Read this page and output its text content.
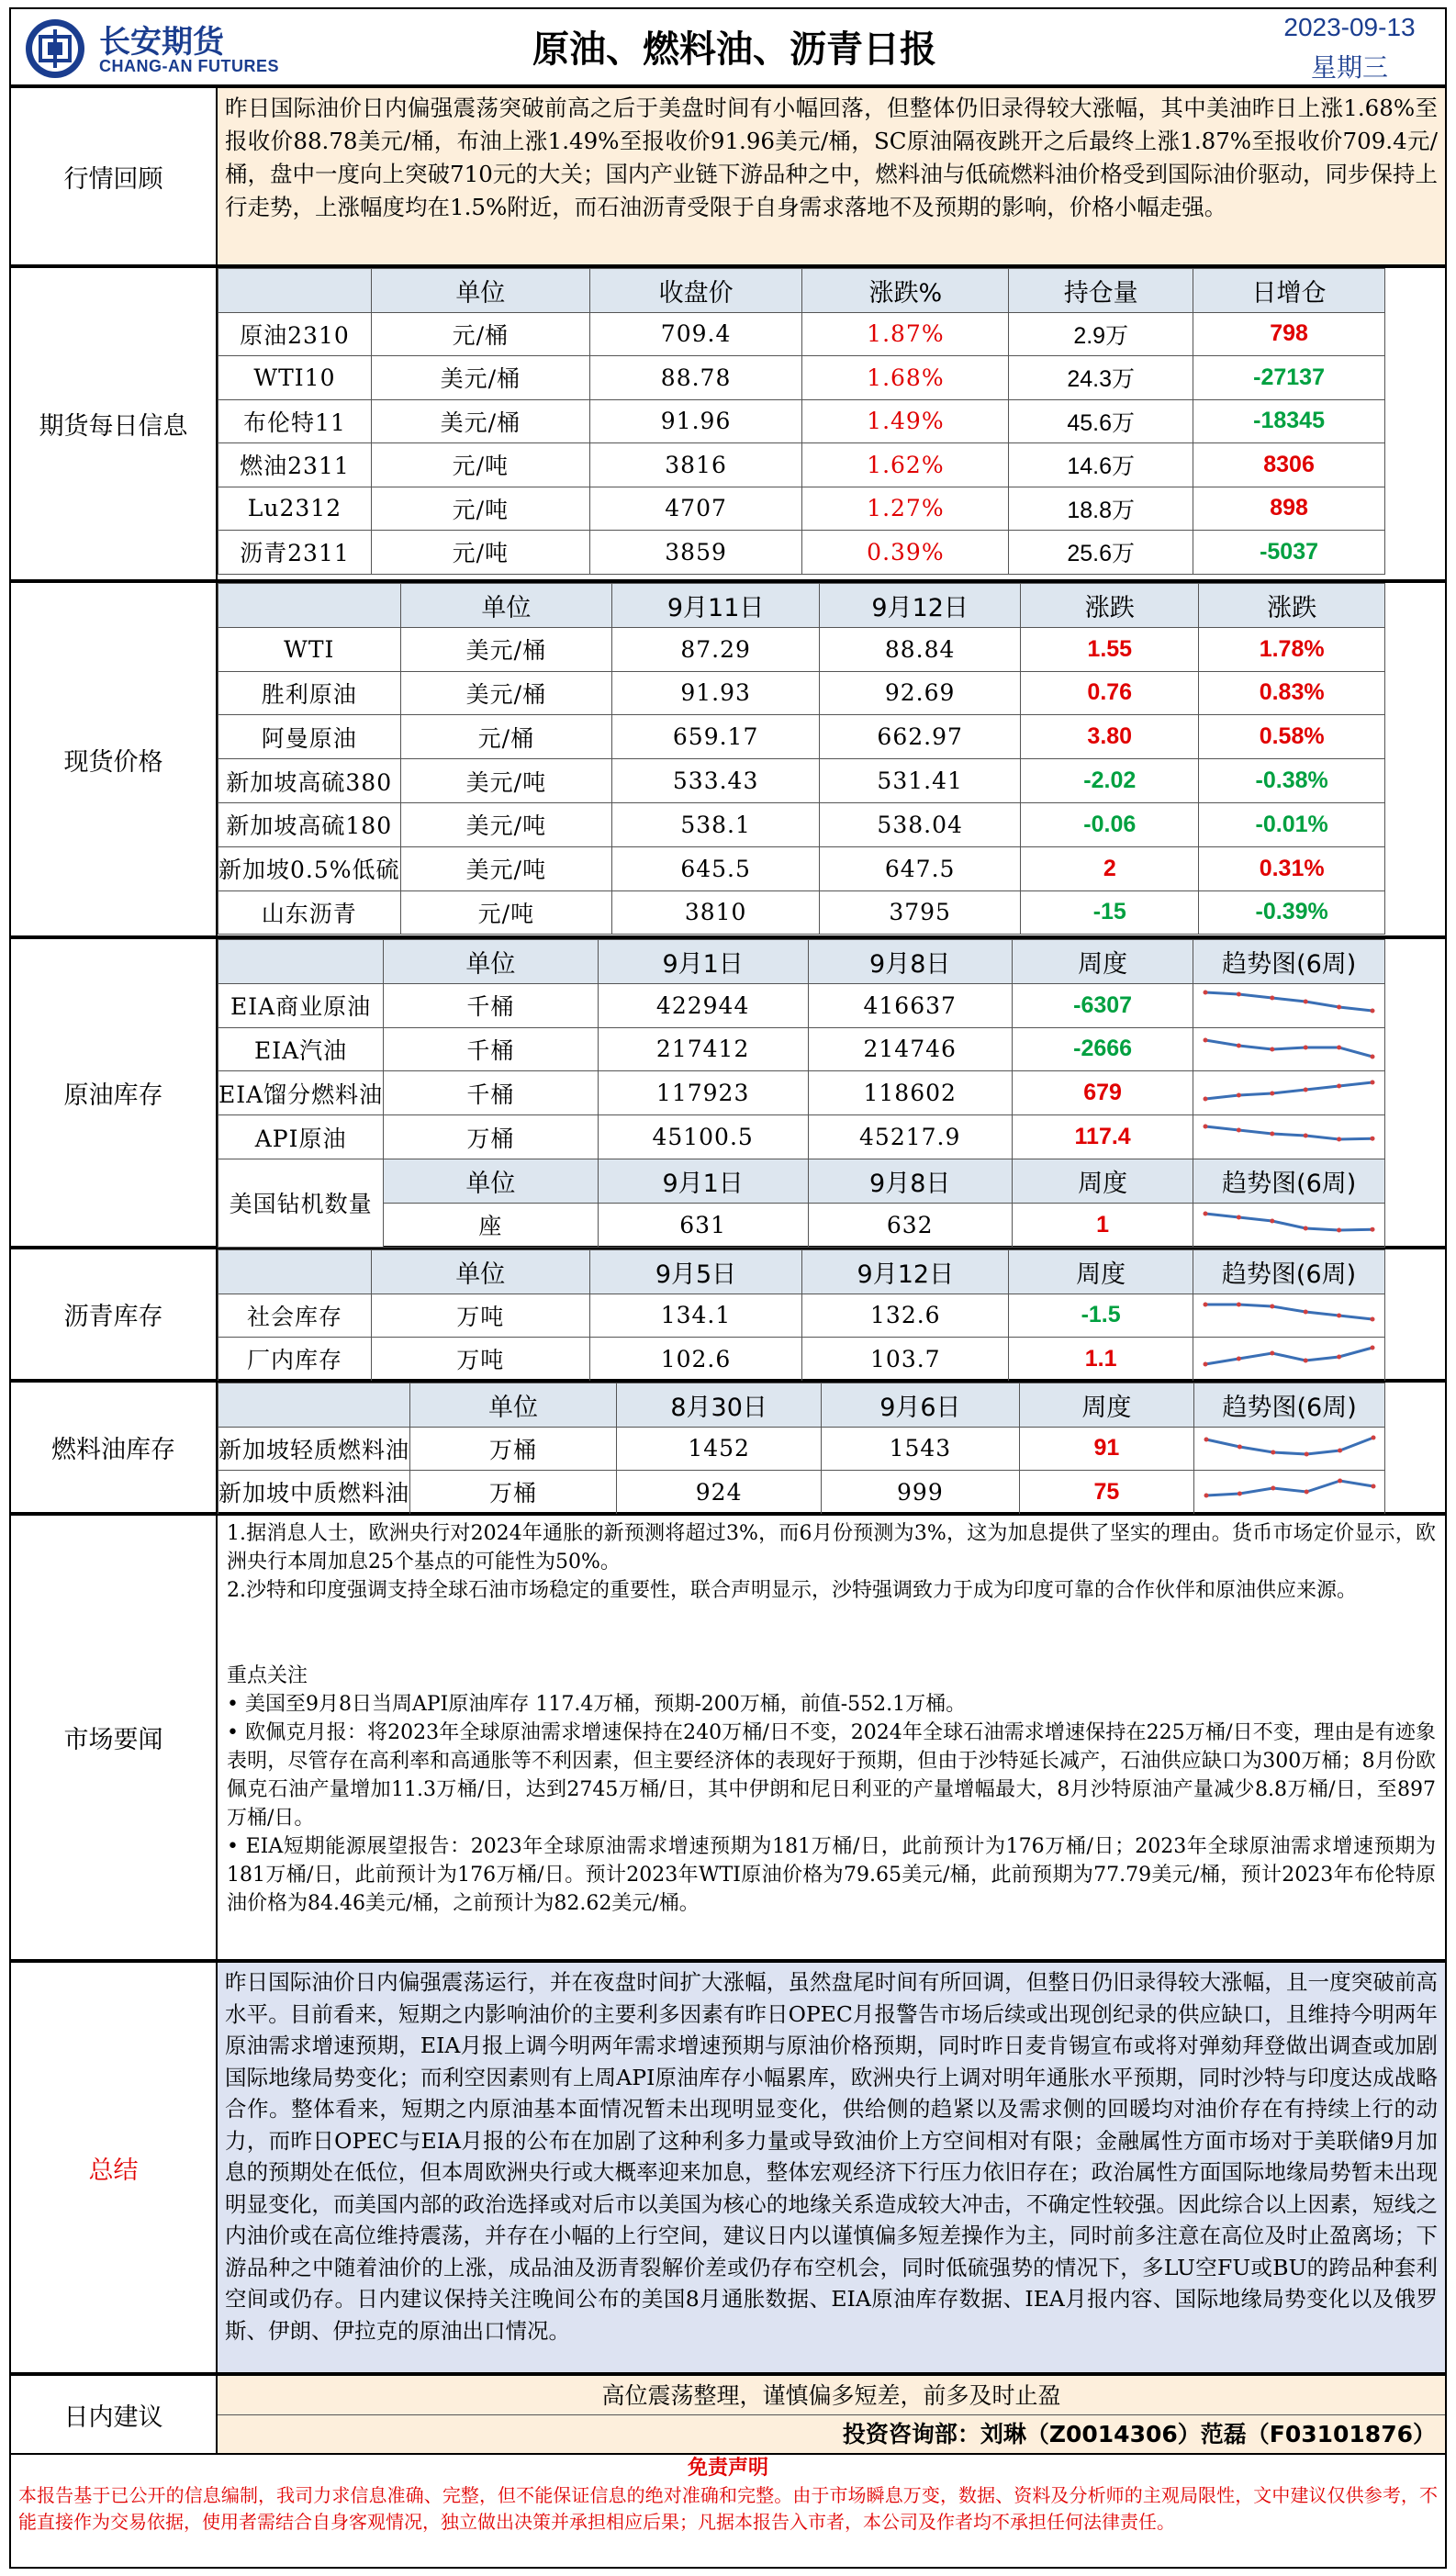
长安期货
CHANG-AN FUTURES	原油、燃料油、沥青日报
2023-09-13
星期三
行情回顾
昨日国际油价日内偏强震荡突破前高之后于美盘时间有小幅回落，但整体仍旧录得较大涨幅，其中美油昨日上涨1.68%至报收价88.78美元/桶，布油上涨1.49%至报收价91.96美元/桶，SC原油隔夜跳开之后最终上涨1.87%至报收价709.4元/桶，盘中一度向上突破710元的大关；国内产业链下游品种之中，燃料油与低硫燃料油价格受到国际油价驱动，同步保持上行走势，上涨幅度均在1.5%附近，而石油沥青受限于自身需求落地不及预期的影响，价格小幅走强。
期货每日信息
	单位	收盘价	涨跌%	持仓量	日增仓
原油2310	元/桶	709.4	1.87%	2.9万	798
WTI10	美元/桶	88.78	1.68%	24.3万	-27137
布伦特11	美元/桶	91.96	1.49%	45.6万	-18345
燃油2311	元/吨	3816	1.62%	14.6万	8306
Lu2312	元/吨	4707	1.27%	18.8万	898
沥青2311	元/吨	3859	0.39%	25.6万	-5037
现货价格
	单位	9月11日	9月12日	涨跌	涨跌
WTI	美元/桶	87.29	88.84	1.55	1.78%
胜利原油	美元/桶	91.93	92.69	0.76	0.83%
阿曼原油	元/桶	659.17	662.97	3.80	0.58%
新加坡高硫380	美元/吨	533.43	531.41	-2.02	-0.38%
新加坡高硫180	美元/吨	538.1	538.04	-0.06	-0.01%
新加坡0.5%低硫	美元/吨	645.5	647.5	2	0.31%
山东沥青	元/吨	3810	3795	-15	-0.39%
原油库存
	单位	9月1日	9月8日	周度	趋势图(6周)
EIA商业原油	千桶	422944	416637	-6307	

EIA汽油	千桶	217412	214746	-2666	

EIA馏分燃料油	千桶	117923	118602	679	

API原油	万桶	45100.5	45217.9	117.4	

美国钻机数量	单位	9月1日	9月8日	周度	趋势图(6周)
	座	631	632	1	
沥青库存
	单位	9月5日	9月12日	周度	趋势图(6周)
社会库存	万吨	134.1	132.6	-1.5	

厂内库存	万吨	102.6	103.7	1.1	
燃料油库存
	单位	8月30日	9月6日	周度	趋势图(6周)
新加坡轻质燃料油	万桶	1452	1543	91	

新加坡中质燃料油	万桶	924	999	75	
市场要闻

1.据消息人士，欧洲央行对2024年通胀的新预测将超过3%，而6月份预测为3%，这为加息提供了坚实的理由。货币市场定价显示，欧洲央行本周加息25个基点的可能性为50%。

2.沙特和印度强调支持全球石油市场稳定的重要性，联合声明显示，沙特强调致力于成为印度可靠的合作伙伴和原油供应来源。

重点关注

• 美国至9月8日当周API原油库存 117.4万桶，预期-200万桶，前值-552.1万桶。

• 欧佩克月报：将2023年全球原油需求增速保持在240万桶/日不变，2024年全球石油需求增速保持在225万桶/日不变，理由是有迹象表明，尽管存在高利率和高通胀等不利因素，但主要经济体的表现好于预期，但由于沙特延长减产，石油供应缺口为300万桶；8月份欧佩克石油产量增加11.3万桶/日，达到2745万桶/日，其中伊朗和尼日利亚的产量增幅最大，8月沙特原油产量减少8.8万桶/日，至897万桶/日。

• EIA短期能源展望报告：2023年全球原油需求增速预期为181万桶/日，此前预计为176万桶/日；2023年全球原油需求增速预期为181万桶/日，此前预计为176万桶/日。预计2023年WTI原油价格为79.65美元/桶，此前预期为77.79美元/桶，预计2023年布伦特原油价格为84.46美元/桶，之前预计为82.62美元/桶。

总结
昨日国际油价日内偏强震荡运行，并在夜盘时间扩大涨幅，虽然盘尾时间有所回调，但整日仍旧录得较大涨幅，且一度突破前高水平。目前看来，短期之内影响油价的主要利多因素有昨日OPEC月报警告市场后续或出现创纪录的供应缺口，且维持今明两年原油需求增速预期，EIA月报上调今明两年需求增速预期与原油价格预期，同时昨日麦肯锡宣布或将对弹劾拜登做出调查或加剧国际地缘局势变化；而利空因素则有上周API原油库存小幅累库，欧洲央行上调对明年通胀水平预期，同时沙特与印度达成战略合作。整体看来，短期之内原油基本面情况暂未出现明显变化，供给侧的趋紧以及需求侧的回暖均对油价存在有持续上行的动力，而昨日OPEC与EIA月报的公布在加剧了这种利多力量或导致油价上方空间相对有限；金融属性方面市场对于美联储9月加息的预期处在低位，但本周欧洲央行或大概率迎来加息，整体宏观经济下行压力依旧存在；政治属性方面国际地缘局势暂未出现明显变化，而美国内部的政治选择或对后市以美国为核心的地缘关系造成较大冲击，不确定性较强。因此综合以上因素，短线之内油价或在高位维持震荡，并存在小幅的上行空间，建议日内以谨慎偏多短差操作为主，同时前多注意在高位及时止盈离场；下游品种之中随着油价的上涨，成品油及沥青裂解价差或仍存布空机会，同时低硫强势的情况下，多LU空FU或BU的跨品种套利空间或仍存。日内建议保持关注晚间公布的美国8月通胀数据、EIA原油库存数据、IEA月报内容、国际地缘局势变化以及俄罗斯、伊朗、伊拉克的原油出口情况。
日内建议
高位震荡整理，谨慎偏多短差，前多及时止盈
投资咨询部：刘琳（Z0014306）范磊（F03101876）
免责声明
本报告基于已公开的信息编制，我司力求信息准确、完整，但不能保证信息的绝对准确和完整。由于市场瞬息万变，数据、资料及分析师的主观局限性，文中建议仅供参考，不能直接作为交易依据，使用者需结合自身客观情况，独立做出决策并承担相应后果；凡据本报告入市者，本公司及作者均不承担任何法律责任。
